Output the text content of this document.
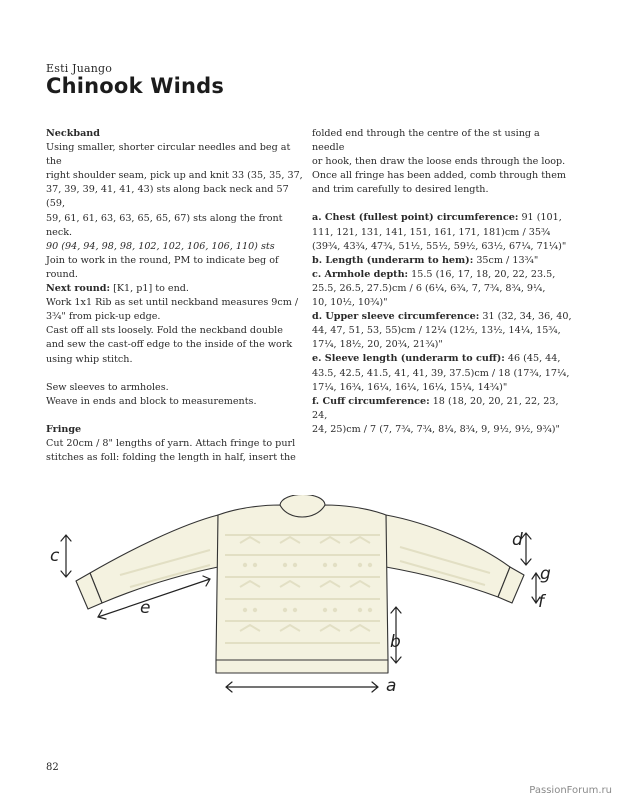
Esti Juango
Chinook Winds

Neckband

Using smaller, shorter circular needles and beg at the

right shoulder seam, pick up and knit 33 (35, 35, 37,

37, 39, 39, 41, 41, 43) sts along back neck and 57 (59,

59, 61, 61, 63, 63, 65, 65, 67) sts along the front neck.

90 (94, 94, 98, 98, 102, 102, 106, 106, 110) sts

Join to work in the round, PM to indicate beg of round.

Next round: [K1, p1] to end.

Work 1x1 Rib as set until neckband measures 9cm /

3¾" from pick-up edge.

Cast off all sts loosely. Fold the neckband double

and sew the cast-off edge to the inside of the work

using whip stitch.

Sew sleeves to armholes.

Weave in ends and block to measurements.

Fringe

Cut 20cm / 8" lengths of yarn. Attach fringe to purl

stitches as foll: folding the length in half, insert the

folded end through the centre of the st using a needle

or hook, then draw the loose ends through the loop.

Once all fringe has been added, comb through them

and trim carefully to desired length.

a. Chest (fullest point) circumference: 91 (101,

111, 121, 131, 141, 151, 161, 171, 181)cm / 35¾

(39¾, 43¾, 47¾, 51½, 55½, 59½, 63½, 67¼, 71¼)"

b. Length (underarm to hem): 35cm / 13¾"

c. Armhole depth: 15.5 (16, 17, 18, 20, 22, 23.5,

25.5, 26.5, 27.5)cm / 6 (6¼, 6¾, 7, 7¾, 8¾, 9¼,

10, 10½, 10¾)"

d. Upper sleeve circumference: 31 (32, 34, 36, 40,

44, 47, 51, 53, 55)cm / 12¼ (12½, 13½, 14¼, 15¾,

17¼, 18½, 20, 20¾, 21¾)"

e. Sleeve length (underarm to cuff): 46 (45, 44,

43.5, 42.5, 41.5, 41, 41, 39, 37.5)cm / 18 (17¾, 17¼,

17¼, 16¾, 16¼, 16¼, 16¼, 15¼, 14¾)"

f. Cuff circumference: 18 (18, 20, 20, 21, 22, 23, 24,

24, 25)cm / 7 (7, 7¾, 7¾, 8¼, 8¾, 9, 9½, 9½, 9¾)"

a
b
c
d
e	f
g
82
PassionForum.ru
